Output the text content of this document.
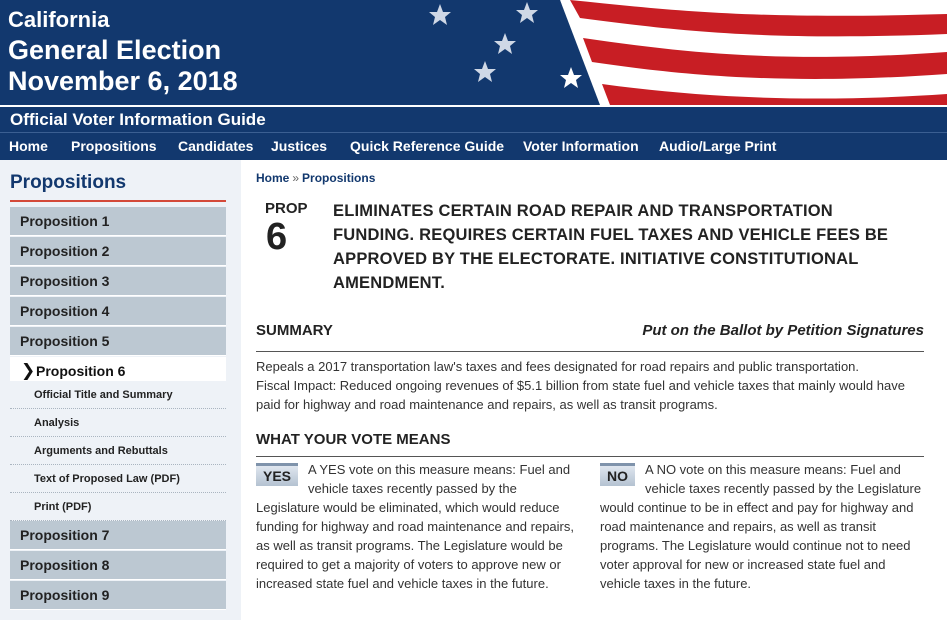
California
General Election
November 6, 2018
Official Voter Information Guide
Home Propositions Candidates Justices Quick Reference Guide Voter Information Audio/Large Print
Propositions
Proposition 1
Proposition 2
Proposition 3
Proposition 4
Proposition 5
❯ Proposition 6
Official Title and Summary
Analysis
Arguments and Rebuttals
Text of Proposed Law (PDF)
Print (PDF)
Proposition 7
Proposition 8
Proposition 9
Home » Propositions
PROP
6
ELIMINATES CERTAIN ROAD REPAIR AND TRANSPORTATION FUNDING. REQUIRES CERTAIN FUEL TAXES AND VEHICLE FEES BE APPROVED BY THE ELECTORATE. INITIATIVE CONSTITUTIONAL AMENDMENT.
SUMMARY	Put on the Ballot by Petition Signatures
Repeals a 2017 transportation law's taxes and fees designated for road repairs and public transportation.
Fiscal Impact: Reduced ongoing revenues of $5.1 billion from state fuel and vehicle taxes that mainly would have paid for highway and road maintenance and repairs, as well as transit programs.
WHAT YOUR VOTE MEANS
YES	A YES vote on this measure means: Fuel and vehicle taxes recently passed by the Legislature would be eliminated, which would reduce funding for highway and road maintenance and repairs, as well as transit programs. The Legislature would be required to get a majority of voters to approve new or increased state fuel and vehicle taxes in the future.
NO	A NO vote on this measure means: Fuel and vehicle taxes recently passed by the Legislature would continue to be in effect and pay for highway and road maintenance and repairs, as well as transit programs. The Legislature would continue not to need voter approval for new or increased state fuel and vehicle taxes in the future.
